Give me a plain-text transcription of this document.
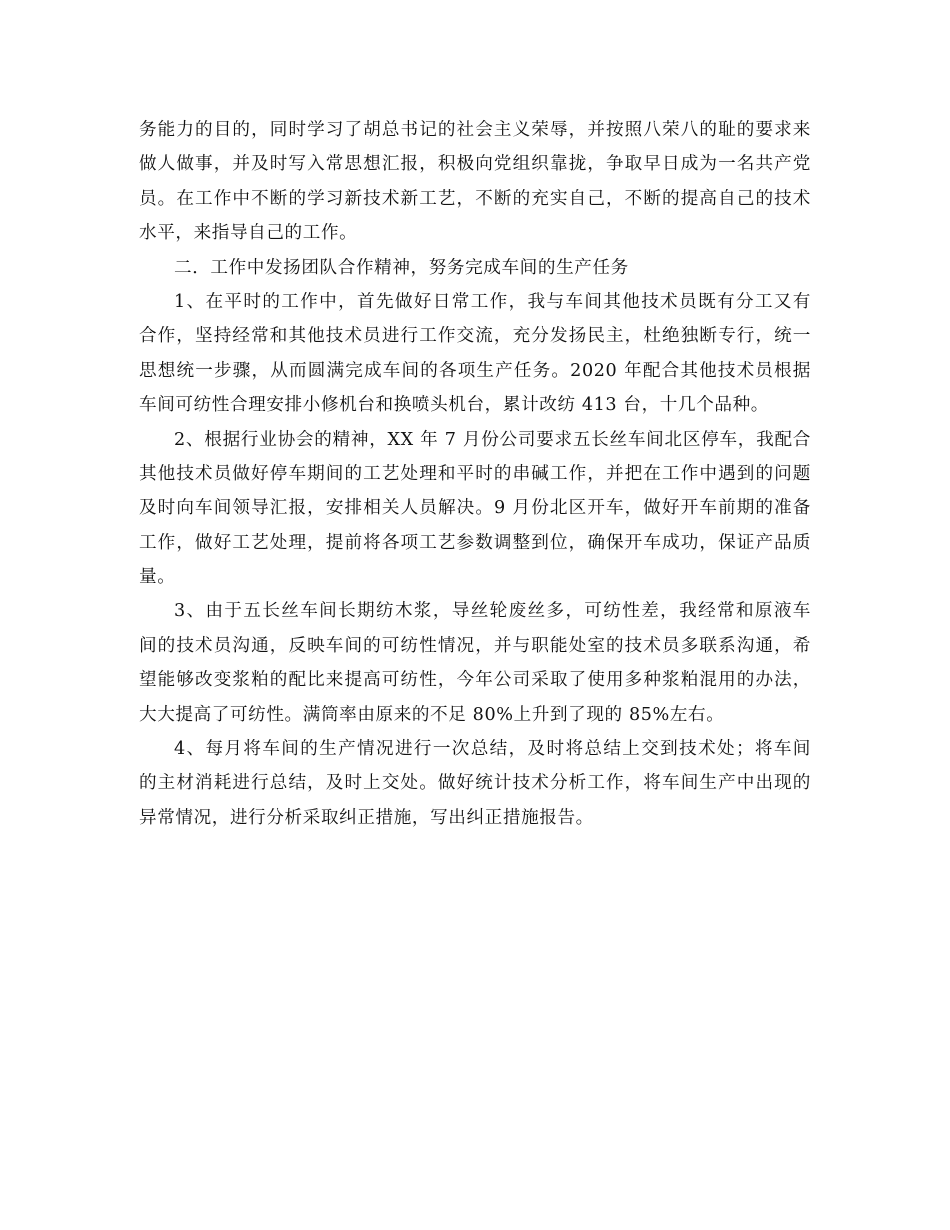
务能力的目的，同时学习了胡总书记的社会主义荣辱，并按照八荣八的耻的要求来
做人做事，并及时写入常思想汇报，积极向党组织靠拢，争取早日成为一名共产党
员。在工作中不断的学习新技术新工艺，不断的充实自己，不断的提高自己的技术
水平，来指导自己的工作。
二．工作中发扬团队合作精神，努务完成车间的生产任务
1、在平时的工作中，首先做好日常工作，我与车间其他技术员既有分工又有
合作，坚持经常和其他技术员进行工作交流，充分发扬民主，杜绝独断专行，统一
思想统一步骤，从而圆满完成车间的各项生产任务。2020 年配合其他技术员根据
车间可纺性合理安排小修机台和换喷头机台，累计改纺 413 台，十几个品种。
2、根据行业协会的精神，XX 年 7 月份公司要求五长丝车间北区停车，我配合
其他技术员做好停车期间的工艺处理和平时的串碱工作，并把在工作中遇到的问题
及时向车间领导汇报，安排相关人员解决。9 月份北区开车，做好开车前期的准备
工作，做好工艺处理，提前将各项工艺参数调整到位，确保开车成功，保证产品质
量。
3、由于五长丝车间长期纺木浆，导丝轮废丝多，可纺性差，我经常和原液车
间的技术员沟通，反映车间的可纺性情况，并与职能处室的技术员多联系沟通，希
望能够改变浆粕的配比来提高可纺性，今年公司采取了使用多种浆粕混用的办法，
大大提高了可纺性。满筒率由原来的不足 80%上升到了现的 85%左右。
4、每月将车间的生产情况进行一次总结，及时将总结上交到技术处；将车间
的主材消耗进行总结，及时上交处。做好统计技术分析工作，将车间生产中出现的
异常情况，进行分析采取纠正措施，写出纠正措施报告。
